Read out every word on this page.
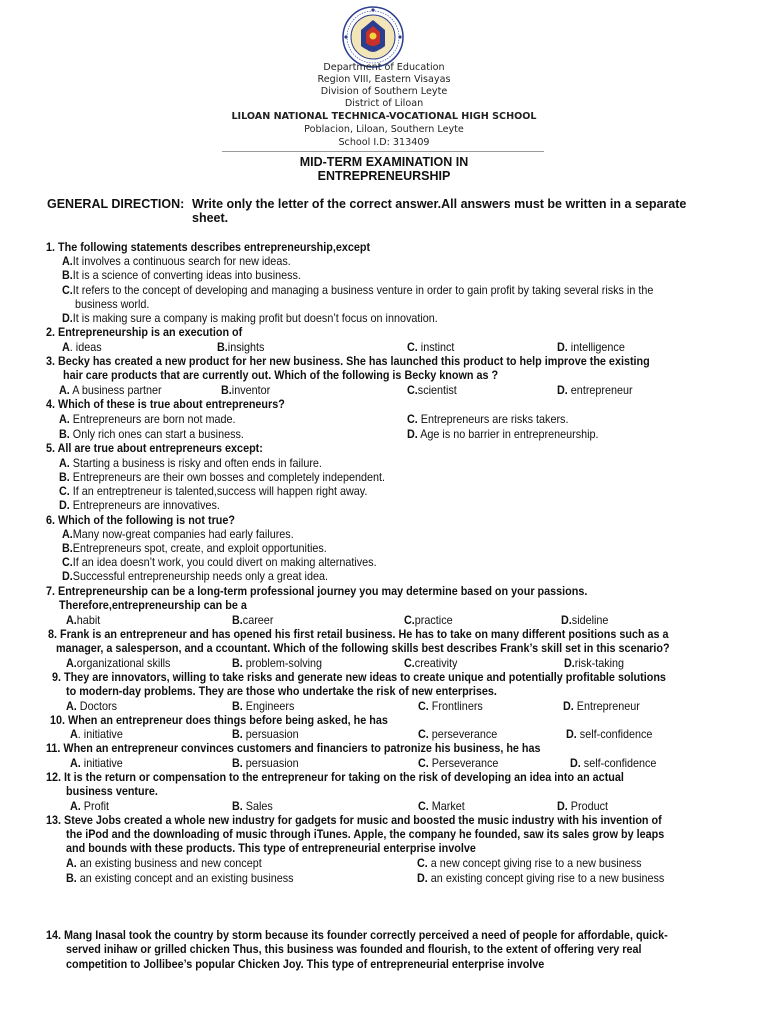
Department of Education
Region VIII, Eastern Visayas
Division of Southern Leyte
District of Liloan
LILOAN NATIONAL TECHNICA-VOCATIONAL HIGH SCHOOL
Poblacion, Liloan, Southern Leyte
School I.D: 313409
MID-TERM EXAMINATION IN
ENTREPRENEURSHIP
GENERAL DIRECTION: Write only the letter of the correct answer.All answers must be written in a separate sheet.
1. The following statements describes entrepreneurship,except
A.It involves a continuous search for new ideas.
B.It is a science of converting ideas into business.
C.It refers to the concept of developing and managing a business venture in order to gain profit by taking several risks in the
business world.
D.It is making sure a company is making profit but doesn’t focus on innovation.
2. Entrepreneurship is an execution of
A. ideas	B.insights	C. instinct	D. intelligence
3. Becky has created a new product for her new business. She has launched this product to help improve the existing
hair care products that are currently out. Which of the following is Becky known as ?
A. A business partner	B.inventor	C.scientist	D. entrepreneur
4. Which of these is true about entrepreneurs?
A. Entrepreneurs are born not made.	C. Entrepreneurs are risks takers.
B. Only rich ones can start a business.	D. Age is no barrier in entrepreneurship.
5. All are true about entrepreneurs except:
A. Starting a business is risky and often ends in failure.
B. Entrepreneurs are their own bosses and completely independent.
C. If an entreptreneur is talented,success will happen right away.
D. Entrepreneurs are innovatives.
6. Which of the following is not true?
A.Many now-great companies had early failures.
B.Entrepreneurs spot, create, and exploit opportunities.
C.If an idea doesn’t work, you could divert on making alternatives.
D.Successful entrepreneurship needs only a great idea.
7. Entrepreneurship can be a long-term professional journey you may determine based on your passions.
Therefore,entrepreneurship can be a
A.habit	B.career	C.practice	D.sideline
8. Frank is an entrepreneur and has opened his first retail business. He has to take on many different positions such as a
manager, a salesperson, and a ccountant. Which of the following skills best describes Frank’s skill set in this scenario?
A.organizational skills	B. problem-solving	C.creativity	D.risk-taking
9. They are innovators, willing to take risks and generate new ideas to create unique and potentially profitable solutions
to modern-day problems. They are those who undertake the risk of new enterprises.
A. Doctors	B. Engineers	C. Frontliners	D. Entrepreneur
10. When an entrepreneur does things before being asked, he has
A. initiative	B. persuasion	C. perseverance	D. self-confidence
11. When an entrepreneur convinces customers and financiers to patronize his business, he has
A. initiative	B. persuasion	C. Perseverance	D. self-confidence
12. It is the return or compensation to the entrepreneur for taking on the risk of developing an idea into an actual
business venture.
A. Profit	B. Sales	C. Market	D. Product
13. Steve Jobs created a whole new industry for gadgets for music and boosted the music industry with his invention of
the iPod and the downloading of music through iTunes. Apple, the company he founded, saw its sales grow by leaps
and bounds with these products. This type of entrepreneurial enterprise involve
A. an existing business and new concept	C. a new concept giving rise to a new business
B. an existing concept and an existing business	D. an existing concept giving rise to a new business
14. Mang Inasal took the country by storm because its founder correctly perceived a need of people for affordable, quick-
served inihaw or grilled chicken Thus, this business was founded and flourish, to the extent of offering very real
competition to Jollibee’s popular Chicken Joy. This type of entrepreneurial enterprise involve
